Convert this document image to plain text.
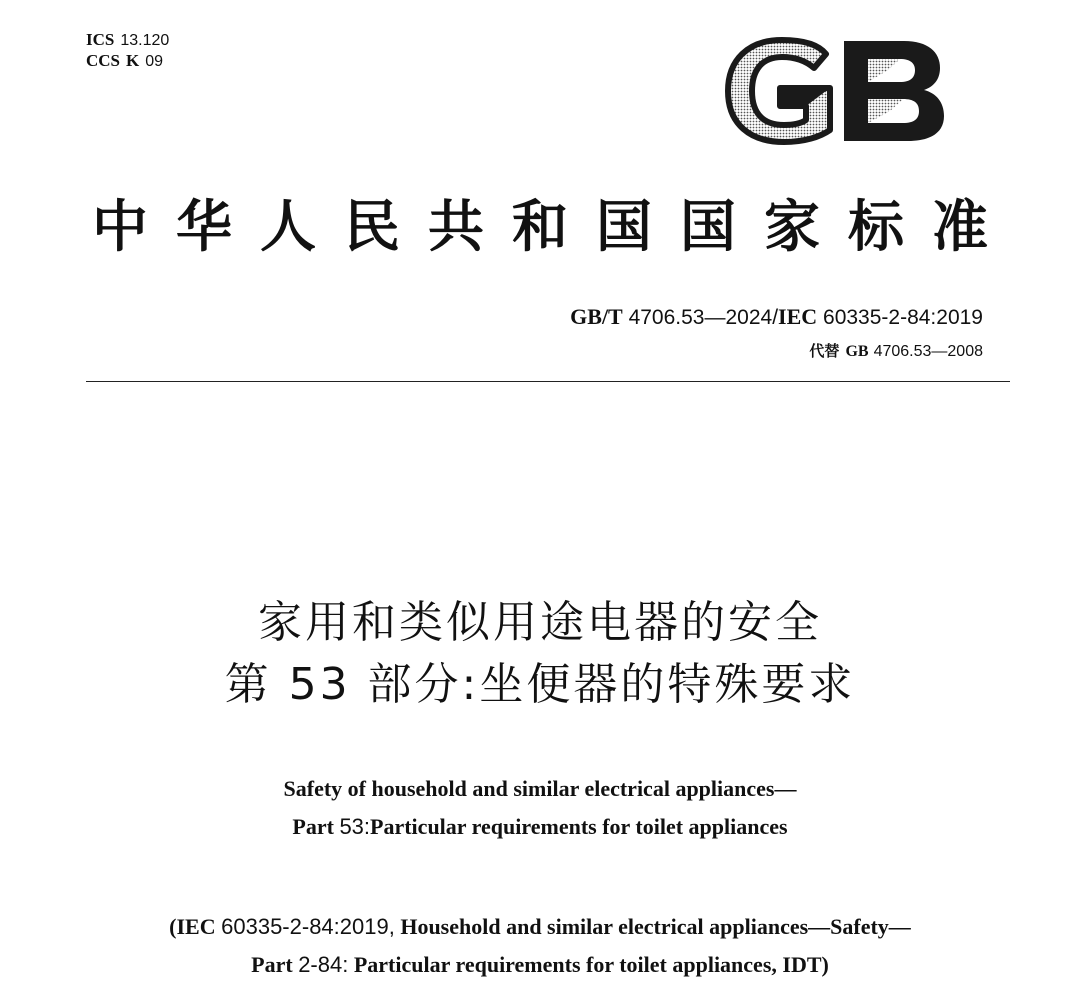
ICS 13.120
CCS K 09
中华人民共和国国家标准
GB/T 4706.53—2024/IEC 60335-2-84:2019
代替 GB 4706.53—2008
家用和类似用途电器的安全
第 53 部分:坐便器的特殊要求
Safety of household and similar electrical appliances—
Part 53:Particular requirements for toilet appliances
(IEC 60335-2-84:2019, Household and similar electrical appliances—Safety—
Part 2-84: Particular requirements for toilet appliances, IDT)
